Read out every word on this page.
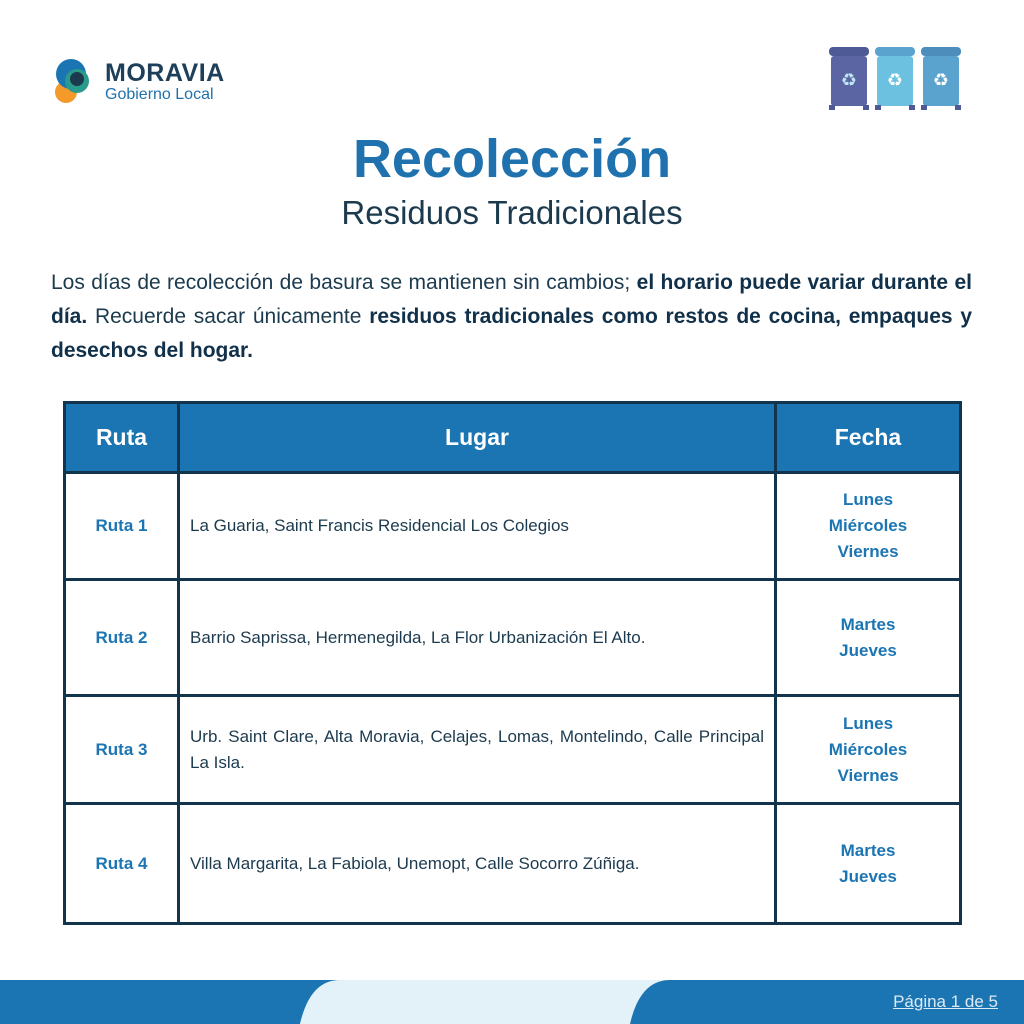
MORAVIA
Gobierno Local
♻ ♻ ♻
Recolección
Residuos Tradicionales

Los días de recolección de basura se mantienen sin cambios; el horario puede variar durante el día. Recuerde sacar únicamente residuos tradicionales como restos de cocina, empaques y desechos del hogar.

Ruta	Lugar	Fecha
Ruta 1	La Guaria, Saint Francis Residencial Los Colegios	Lunes
Miércoles
Viernes

Ruta 2	Barrio Saprissa, Hermenegilda, La Flor Urbanización El Alto.	Martes
Jueves

Ruta 3	Urb. Saint Clare, Alta Moravia, Celajes, Lomas, Montelindo, Calle Principal La Isla.	Lunes
Miércoles
Viernes

Ruta 4	Villa Margarita, La Fabiola, Unemopt, Calle Socorro Zúñiga.	Martes
Jueves
Página 1 de 5
